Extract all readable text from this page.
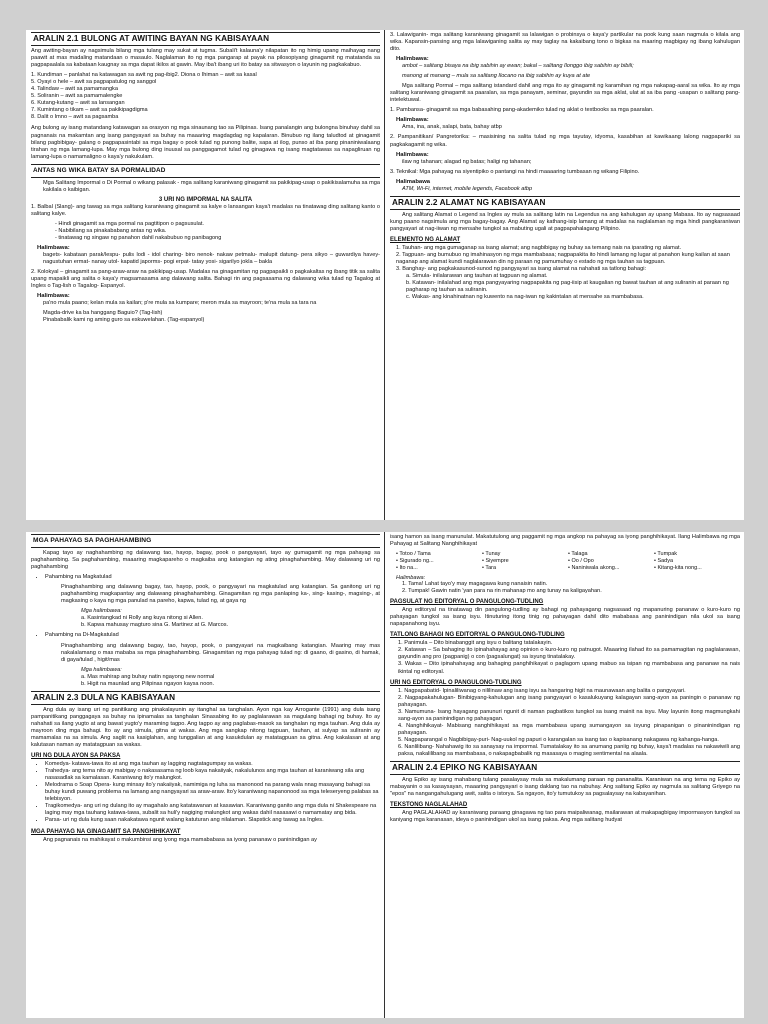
ARALIN 2.1 BULONG AT AWITING BAYAN NG KABISAYAAN

Ang awiting-bayan ay nagsimula bilang mga tulang may sukat at tugma. Subali't kalauna'y nilapatan ito ng himig upang maihayag nang paawit at mas madaling matandaan o masaulo. Naglalaman ito ng mga pangarap at payak na pilosopiyang ginagamit ng matatanda sa pagpapaalala sa kabataan kaugnay sa mga dapat ikilos at gawin. May iba't ibang uri ito batay sa sitwasyon o layunin ng pagkakabuo.

1. Kundiman – panlahat na katawagan sa awit ng pag-ibig2. Diona o Ihiman – awit sa kasal
5. Oyayi o hele – awit sa pagpapatulog ng sanggol
4. Talindaw – awit sa pamamangka
5. Soliranin – awit sa pamamalengke
6. Kutang-kutang – awit sa lansangan
7. Kumintang o tikam – awit sa pakikipagdigma
8. Dalit o Imno – awit sa pagsamba

Ang bulong ay isang matandang katawagan sa orasyon ng mga sinaunang tao sa Pilipinas. Isang panalangin ang bulongna binuhay dahil sa pagnanais na makamtan ang isang pangyayari sa buhay na maaaring magdagdag ng kapalaran. Binubuo ng ilang taludtod at ginagamit bilang pagbibigay- galang o pagpapasintabi sa mga bagay o pook tulad ng punong balite, sapa at ilog, punso at iba pang pinaniniwalaang tirahan ng mga lamang-lupa. May mga bulong ding inuusal sa panggagamot tulad ng ginagawa ng isang magtatawas sa napagliruan ng lamang-lupa o namamaligno o kaya'y nakukulam.

ANTAS NG WIKA BATAY SA PORMALIDAD

Mga Salitang Impormal o Di Pormal o wikang palasak - mga salitang karaniwang ginagamit sa pakikipag-usap o pakikisalamuha sa mga kakilala o kaibigan.

3 URI NG IMPORMAL NA SALITA

1. Balbal (Slang)- ang tawag sa mga salitang karaniwang ginagamit sa kalye o lansangan kaya't madalas na tinatawag ding salitang kanto o salitang kalye.

- Hindi ginagamit sa mga pormal na pagtitipon o pagsusulat.
- Nabibilang sa pinakababang antas ng wika.
- tinatawag ng singaw ng panahon dahil nakabubuo ng panibagong
Halimbawa:

bagets- kabataan parak/lespu- pulis lodi - idol charing- biro nenok- nakaw petmalu- malupit datung- pera sikyo – guwardiya havey- nagustuhan ermat- nanay utol- kapatid japorms- pogi erpat- tatay yosi- sigarilyo jokla – bakla

2. Kolokyal – ginagamit sa pang-araw-araw na pakikipag-usap. Madalas na ginagamitan ng pagpapaikli o pagkakaltas ng ibang titik sa salita upang mapaikli ang salita o kaya'y magsamasama ang dalawang salita. Bahagi rin ang pagsasama ng dalawang wika tulad ng Tagalog at Ingles o Tag-lish o Tagalog- Espanyol.

Halimbawa:

pa'no mula paano; kelan mula sa kailan; p're mula sa kumpare; meron mula sa mayroon; te'na mula sa tara na

Magda-drive ka ba hanggang Baguio? (Tag-lish)

Pinababalik kami ng aming guro sa eskuwelahan. (Tag-espanyol)

3. Lalawiganin- mga salitang karaniwang ginagamit sa lalawigan o probinsya o kaya'y partikular na pook kung saan nagmula o kilala ang wika. Kapansin-pansing ang mga lalawiganing salita ay may taglay na kakaibang tono o bigkas na maaring magbigay ng ibang kahulugan dito.

Halimbawa:

ambot – salitang bisaya na ibig sabihin ay ewan; bakal – salitang Ilonggo ibig sabihin ay bibili;

manong at manang – mula sa salitang Ilocano na ibig sabihin ay kuya at ate

Mga salitang Pormal – mga salitang istandard dahil ang mga ito ay ginagamit ng karamihan ng mga nakapag-aaral sa wika. Ito ay mga salitang karaniwang ginagamit sa paaralan, sa mga panayam, seminar, gayundin sa mga aklat, ulat at sa iba pang -usapan o salitang pang-intelektuwal.

1. Pambansa- ginagamit sa mga babasahing pang-akademiko tulad ng aklat o textbooks sa mga paaralan.

Halimbawa:

Ama, ina, anak, salapi, bata, bahay atbp

2. Pampanitikan/ Pangretorika: – masisining na salita tulad ng mga tayutay, idyoma, kasabihan at kawikaang lalong nagpapariki sa pagkakagamit ng wika.

Halimbawa:

ilaw ng tahanan; alagad ng batas; haligi ng tahanan;

3. Teknikal: Mga pahayag na siyentipiko o pantangi na hindi maaaaring tumbasan ng wikang Filipino.

Halimabawa

ATM, Wi-Fi, internet, mobile legends, Facebook atbp

ARALIN 2.2 ALAMAT NG KABISAYAAN

Ang salitang Alamat o Legend sa Ingles ay mula sa salitang latin na Legendus na ang kahulugan ay upang Mabasa. Ito ay nagsasaad kung paano nagsimula ang mga bagay-bagay. Ang Alamat ay kathang-isip lamang at madalas na naglalaman ng mga hindi pangkaraniwan pangyayari at nag-iiwan ng mensahe tungkol sa mabuting ugali at pagpapahalagang Pilipino.

ELEMENTO NG ALAMAT
1. Tauhan- ang mga gumaganap sa isang alamat; ang nagbibigay ng buhay sa temang nais na iparating ng alamat.
2. Tagpuan- ang bumubuo ng imahinasyon ng mga mambabasa; nagpapakita ito hindi lamang ng lugar at panahon kung kailan at saan naganap ang alamat kundi naglalarawan din ng paraan ng pamumuhay o estado ng mga tauhan sa tagpuan.
3. Banghay- ang pagkakasunod-sunod ng pangyayari sa isang alamat na nahahati sa tatlong bahagi:
a. Simula- inilalarawan ang tauhan at tagpuan ng alamat.
b. Katawan- inilalahad ang mga pangyayaring nagpapakita ng pag-iisip at kaugalian ng bawat tauhan at ang suliranin at paraan ng pagharap ng tauhan sa suliranin.
c. Wakas- ang kinahinatnan ng kuwento na nag-iwan ng kakintalan at mensahe sa mambabasa.
MGA PAHAYAG SA PAGHAHAMBING

Kapag tayo ay naghahambing ng dalawang tao, hayop, bagay, pook o pangyayari, tayo ay gumagamit ng mga pahayag sa paghahambing. Sa paghahambing, maaaring magkapareho o magkaiba ang katangian ng ating pinaghahambing. May dalawang uri ng paghahambing

• Pahambing na Magkatulad

Pinaghahambing ang dalawang bagay, tao, hayop, pook, o pangyayari na magkatulad ang katangian. Sa ganitong uri ng paghahambing magkapantay ang dalawang pinaghahambing. Ginagamitan ng mga panlaping ka-, sing- kasing-, magsing-, at magkasing o kaya ng mga panulad na pareho, kapwa, tulad ng, at gaya ng

Mga halimbawa:
a. Kasintangkad ni Rolly ang kuya nitong si Allen.
b. Kapwa mahusay magturo sina G. Martinez at G. Marcos.
• Pahambing na Di-Magkatulad

Pinaghahambing ang dalawang bagay, tao, hayop, pook, o pangyayari na magkaibang katangian. Maaring may mas nakalalamang o mas mababa sa mga pinaghahambing. Ginagamitan ng mga pahayag tulad ng: di gaano, di gasino, di hamak, di gaya/tulad , higit/mas

Mga halimbawa:
a. Mas mahirap ang buhay natin ngayong new normal
b. Higit na maunlad ang Pilipinas ngayon kaysa noon.
ARALIN 2.3 DULA NG KABISAYAAN

Ang dula ay isang uri ng panitikang ang pinakalayunin ay itanghal sa tanghalan. Ayon nga kay Arrogante (1991) ang dula isang pampanitikang panggagaya sa buhay na ipinamalas sa tanghalan Sinasabing ito ay paglalarawan sa magulang bahagi ng buhay. Ito ay nahahati sa ilang yugto at ang bawat yugto'y maraming tagpo. Ang tagpo ay ang paglabas-masok sa tanghalan ng mga tauhan. Ang dula ay mayroon ding mga bahagi. Ito ay ang simula, gitna at wakas. Ang mga sangkap nitong tagpuan, tauhan, at sulyap sa suliranin ay mamamalas na sa simula. Ang saglit na kasiglahan, ang tunggalian at ang kasukdulan ay matatagpuan sa gitna. Ang kakalasan at ang kalutasan naman ay matatagpuan sa wakas.

URI NG DULA AYON SA PAKSA
• Komedya- katawa-tawa ito at ang mga tauhan ay lagging nagtatagumpay sa wakas.
• Trahedya- ang tema nito ay mabigay o nakasasama ng loob kaya nakaiiyak, nakalulunos ang mga tauhan at karaniwang sila ang nasasadlak sa kamalasan. Karaniwang ito'y malungkot.
• Melodrama o Soap Opera- kung minsay ito'y nakaiiyak, namimiga ng luha sa manonood na parang wala nnag masayang bahagi sa buhay kundi puwang problema na lamang ang nangyayari sa araw-araw. Ito'y karaniwang napanonood sa mga teleseryeng palabas sa telebisyon.
• Tragikomedya- ang uri ng dulang ito ay magahalo ang katatawanan at kasawian. Karaniwang ganito ang mga dula ni Shakespeare na laging may mga tauhang katawa-tawa, subalit sa huli'y nagiging malungkot ang wakas dahil nasasawi o namamatay ang bida.
• Parsa- uri ng dula kung saan nakakatawa ngunit walang katuturan ang nilalaman. Slapstick ang tawag sa Ingles.
MGA PAHAYAG NA GINAGAMIT SA PANGHIHIKAYAT

Ang pagnanais na mahikayat o makumbinsi ang iyong mga mamababasa sa iyong pananaw o paninindigan ay

isang hamon sa isang manunulat. Makatutulong ang paggamit ng mga angkop na pahayag sa iyong panghihikayat. Ilang Halimbawa ng mga Pahayag at Salitang Nanghihikayat

• Totoo / Tama	• Tunay	• Talaga	• Tumpak
• Sigurado ng...	• Siyempre	• Oo / Opo	• Sadya
• Ito na...	• Tara	• Naniniwala akong...	• Kitang-kita nong...
Halimbawa:
1. Tama! Lahat tayo'y may magagawa kung nanaisin natin.
2. Tumpak! Gawin natin 'yan para na rin mahanap mo ang tunay na kaligayahan.
PAGSULAT NG EDITORYAL O PANGULONG-TUDLING

Ang editoryal na tinatawag din pangulong-tudling ay bahagi ng pahayagang nagsasaad ng mapanuring pananaw o kuro-kuro ng pahayagan tungkol sa isang isyu. Itinuturing itong tinig ng pahayagan dahil dito mababasa ang paninindigan nila ukol sa isang napapanahong isyu.

TATLONG BAHAGI NG EDITORYAL O PANGULONG-TUDLING
1. Panimula – Dito binabanggit ang isyu o balitang tatalakayin.
2. Katawan – Sa bahaging ito ipinahahayag ang opinion o kuro-kuro ng patnugot. Maaaring ilahad ito sa pamamagitan ng paglalarawan, gayundin ang pro (pagpanig) o con (pagsalungat) sa isyung tinatalakay.
3. Wakas – Dito ipinahahayag ang bahaging panghihikayat o paglagom upang mabuo sa isipan ng mambabasa ang pananaw na nais ikintal ng editoryal.
URI NG EDITORYAL O PANGULONG-TUDLING
1. Nagpapabatid- Ipinaliliwanag o nililinaw ang isang isyu sa hangaring higit na maunawaan ang balita o pangyayari.
2. Nagpapakahulugan- Binibigyang-kahulugan ang isang pangyayari o kasalukuyang kalagayan sang-ayon sa paningin o pananaw ng pahayagan.
3. Namumuna- Isang hayagang panunuri ngunit di naman pagbatikos tungkol sa isang mainit na isyu. May layunin itong magmungkahi sang-ayon sa paninindigan ng pahayagan.
4. Nanghihikayat- Mabisang nanghihikayat sa mga mambabasa upang sumangayon sa isyung pinapanigan o pinaninindigan ng pahayagan.
5. Nagpaparangal o Nagbibigay-puri- Nag-uukol ng papuri o karangalan sa isang tao o kapisanang nakagawa ng kahanga-hanga.
6. Nanlilibang- Nahahawig ito sa sanaysay na impormal. Tumatalakay ito sa anumang paniig ng buhay, kaya't madalas na nakawiwili ang paksa, nakalilibang sa mambabasa, o nakapagbabalik ng masasaya o maging sentimental na alaala.
ARALIN 2.4 EPIKO NG KABISAYAAN

Ang Epiko ay isang mahabang tulang pasalaysay mula sa makalumang paraan ng pananalita. Karaniwan na ang tema ng Epiko ay mabayanin o sa kasaysayan, maaaring pangyayari o isang daklang tao na nabuhay. Ang salitang Epiko ay nagmula sa salitang Griyego na "epos" na nangangahulugang awit, salita o istorya. Sa ngayon, ito'y tumutukoy sa pagsalaysay na kabayanihan.

TEKSTONG NAGLALAHAD

Ang PAGLALAHAD ay karaniwang paraang ginagawa ng tao para maipaliwanag, mailarawan at makapagbigay impormasyon tungkol sa kaniyang mga karanasan, ideya o paninindigan ukol sa isang paksa. Ang mga salitang hudyat
